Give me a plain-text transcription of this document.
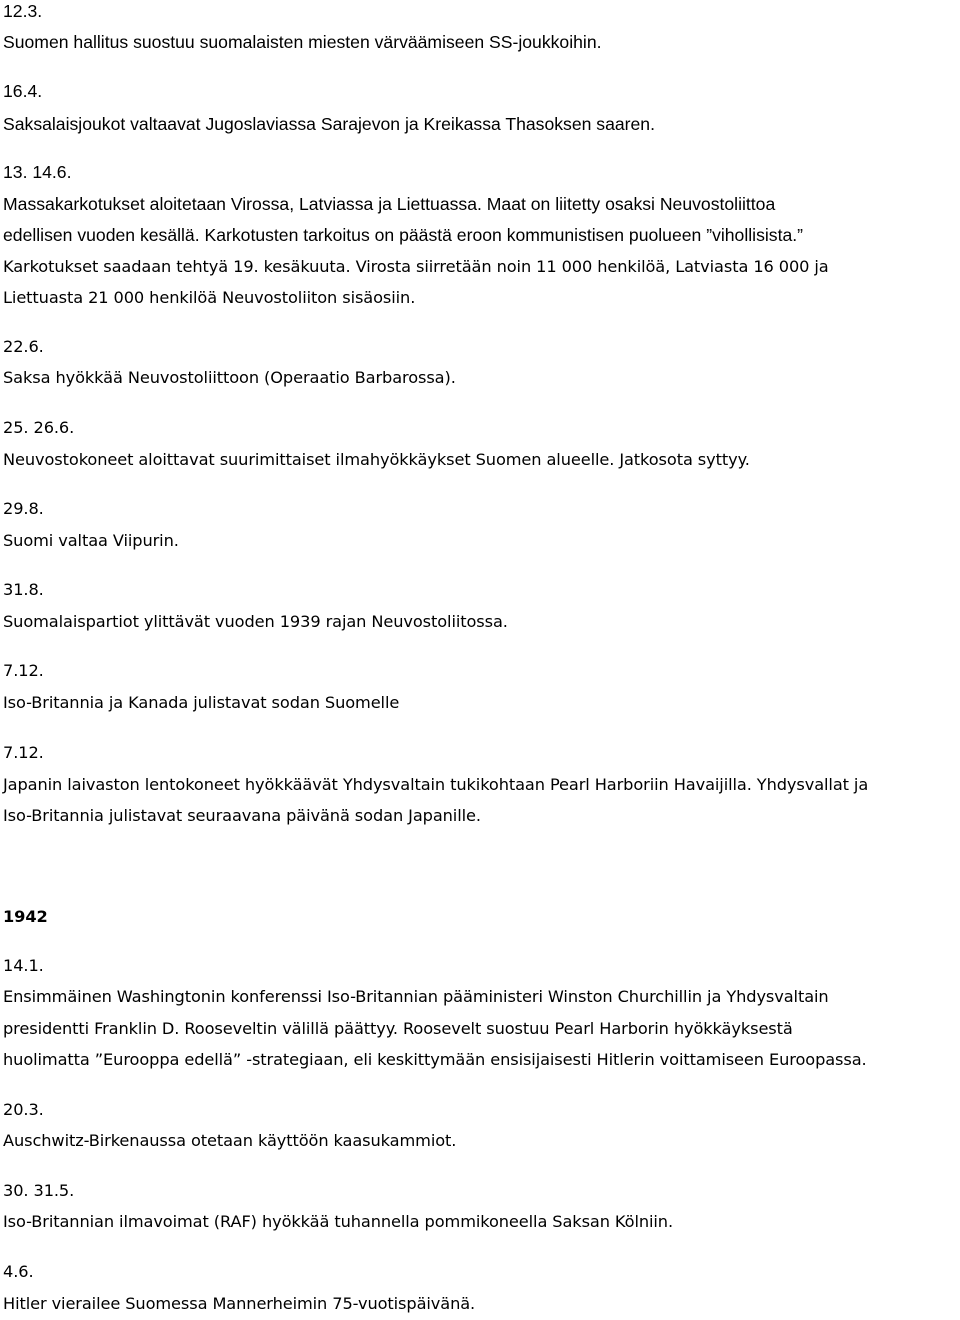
12.3.

Suomen hallitus suostuu suomalaisten miesten värväämiseen SS-joukkoihin.

16.4.

Saksalaisjoukot valtaavat Jugoslaviassa Sarajevon ja Kreikassa Thasoksen saaren.

13. 14.6.

Massakarkotukset aloitetaan Virossa, Latviassa ja Liettuassa. Maat on liitetty osaksi Neuvostoliittoa

edellisen vuoden kesällä. Karkotusten tarkoitus on päästä eroon kommunistisen puolueen ”vihollisista.”

Karkotukset saadaan tehtyä 19. kesäkuuta. Virosta siirretään noin 11 000 henkilöä, Latviasta 16 000 ja

Liettuasta 21 000 henkilöä Neuvostoliiton sisäosiin.

22.6.

Saksa hyökkää Neuvostoliittoon (Operaatio Barbarossa).

25. 26.6.

Neuvostokoneet aloittavat suurimittaiset ilmahyökkäykset Suomen alueelle. Jatkosota syttyy.

29.8.

Suomi valtaa Viipurin.

31.8.

Suomalaispartiot ylittävät vuoden 1939 rajan Neuvostoliitossa.

7.12.

Iso-Britannia ja Kanada julistavat sodan Suomelle

7.12.

Japanin laivaston lentokoneet hyökkäävät Yhdysvaltain tukikohtaan Pearl Harboriin Havaijilla. Yhdysvallat ja

Iso-Britannia julistavat seuraavana päivänä sodan Japanille.

1942

14.1.

Ensimmäinen Washingtonin konferenssi Iso-Britannian pääministeri Winston Churchillin ja Yhdysvaltain

presidentti Franklin D. Rooseveltin välillä päättyy. Roosevelt suostuu Pearl Harborin hyökkäyksestä

huolimatta ”Eurooppa edellä” -strategiaan, eli keskittymään ensisijaisesti Hitlerin voittamiseen Euroopassa.

20.3.

Auschwitz-Birkenaussa otetaan käyttöön kaasukammiot.

30. 31.5.

Iso-Britannian ilmavoimat (RAF) hyökkää tuhannella pommikoneella Saksan Kölniin.

4.6.

Hitler vierailee Suomessa Mannerheimin 75-vuotispäivänä.
